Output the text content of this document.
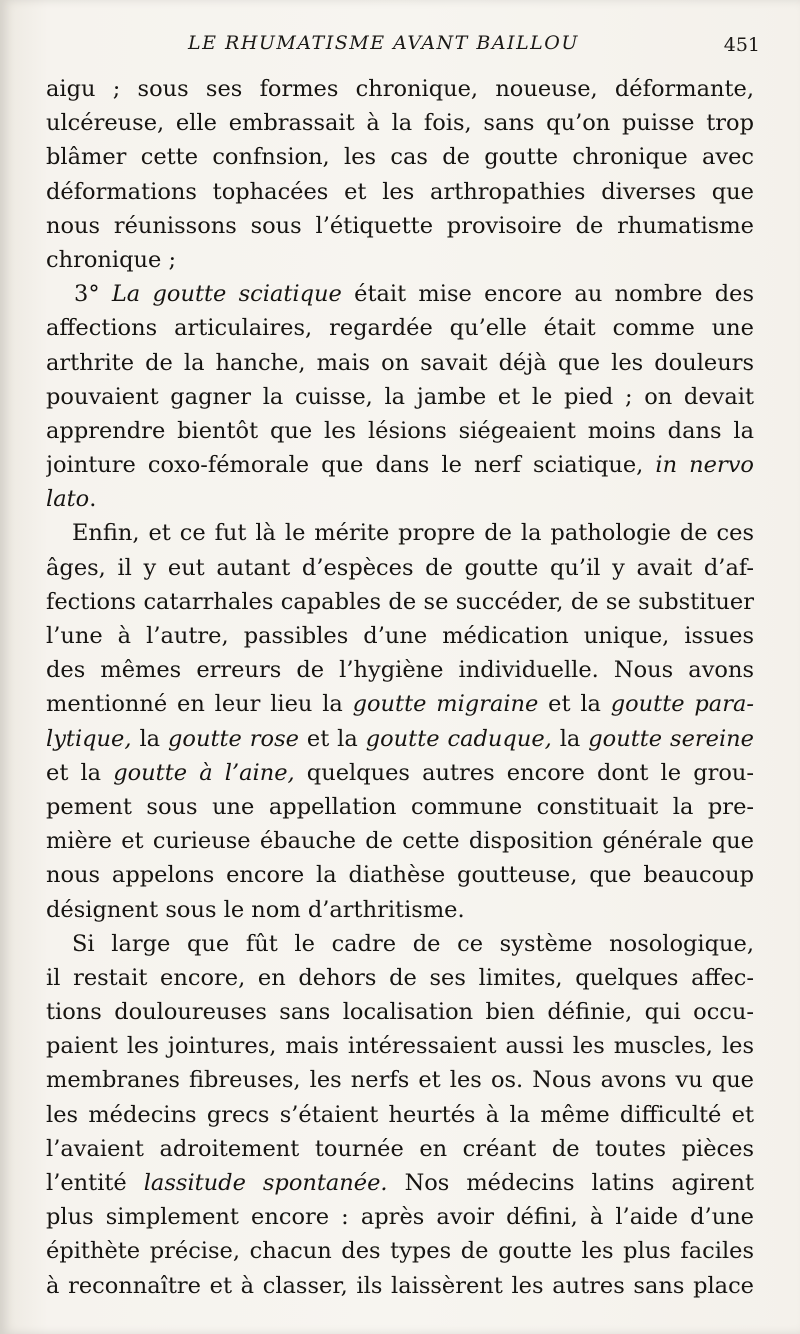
LE RHUMATISME AVANT BAILLOU	451
aigu ; sous ses formes chronique, noueuse, déformante,
ulcéreuse, elle embrassait à la fois, sans qu’on puisse trop
blâmer cette confnsion, les cas de goutte chronique avec
déformations tophacées et les arthropathies diverses que
nous réunissons sous l’étiquette provisoire de rhumatisme
chronique ;
3° La goutte sciatique était mise encore au nombre des
affections articulaires, regardée qu’elle était comme une
arthrite de la hanche, mais on savait déjà que les douleurs
pouvaient gagner la cuisse, la jambe et le pied ; on devait
apprendre bientôt que les lésions siégeaient moins dans la
jointure coxo-fémorale que dans le nerf sciatique, in nervo
lato.
Enfin, et ce fut là le mérite propre de la pathologie de ces
âges, il y eut autant d’espèces de goutte qu’il y avait d’af-
fections catarrhales capables de se succéder, de se substituer
l’une à l’autre, passibles d’une médication unique, issues
des mêmes erreurs de l’hygiène individuelle. Nous avons
mentionné en leur lieu la goutte migraine et la goutte para-
lytique, la goutte rose et la goutte caduque, la goutte sereine
et la goutte à l’aine, quelques autres encore dont le grou-
pement sous une appellation commune constituait la pre-
mière et curieuse ébauche de cette disposition générale que
nous appelons encore la diathèse goutteuse, que beaucoup
désignent sous le nom d’arthritisme.
Si large que fût le cadre de ce système nosologique,
il restait encore, en dehors de ses limites, quelques affec-
tions douloureuses sans localisation bien définie, qui occu-
paient les jointures, mais intéressaient aussi les muscles, les
membranes fibreuses, les nerfs et les os. Nous avons vu que
les médecins grecs s’étaient heurtés à la même difficulté et
l’avaient adroitement tournée en créant de toutes pièces
l’entité lassitude spontanée. Nos médecins latins agirent
plus simplement encore : après avoir défini, à l’aide d’une
épithète précise, chacun des types de goutte les plus faciles
à reconnaître et à classer, ils laissèrent les autres sans place
